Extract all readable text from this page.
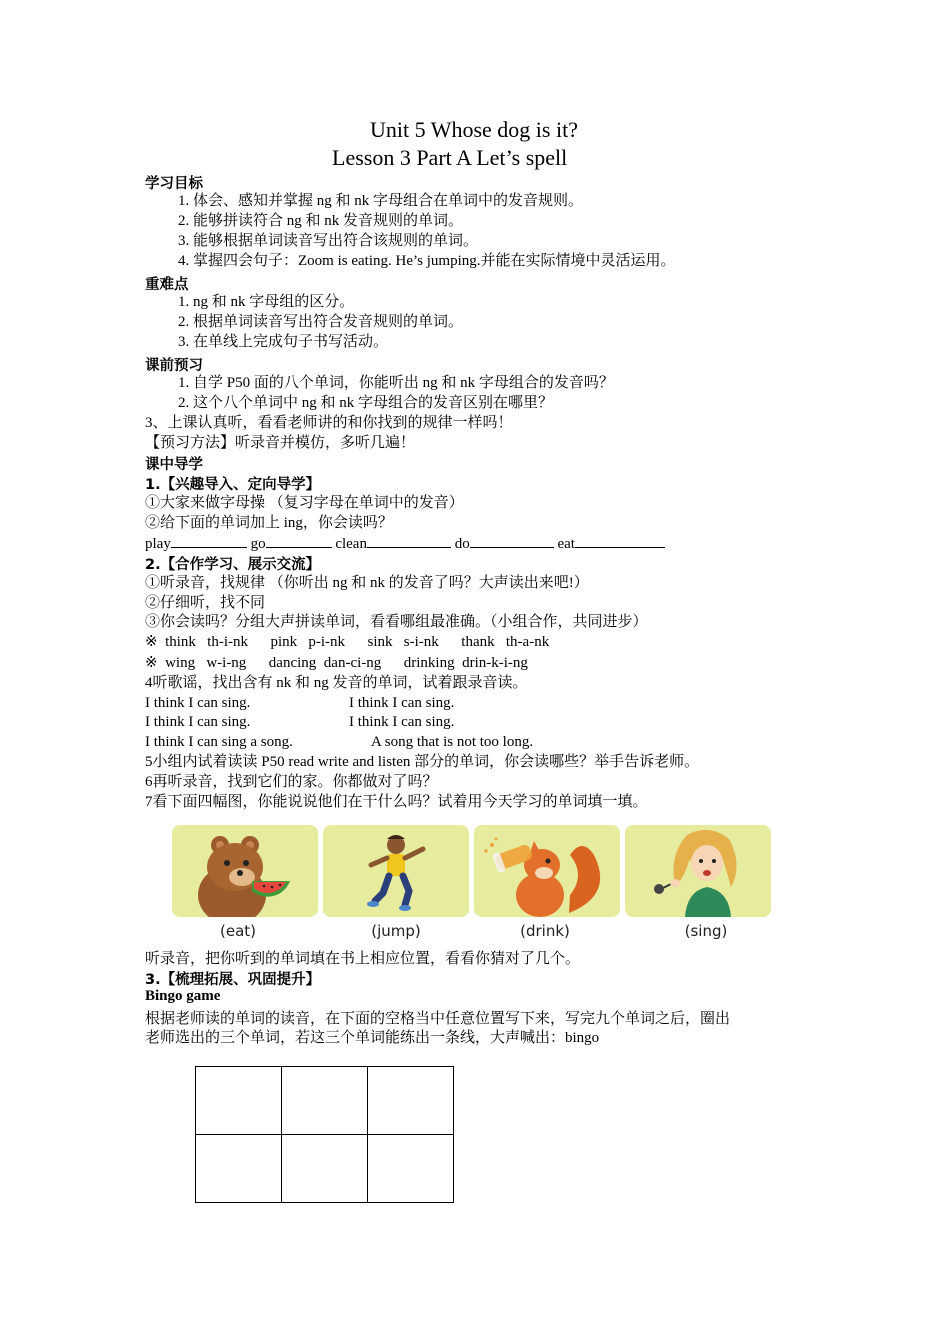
Unit 5 Whose dog is it?
Lesson 3 Part A Let’s spell
学习目标
1. 体会、感知并掌握 ng 和 nk 字母组合在单词中的发音规则。
2. 能够拼读符合 ng 和 nk 发音规则的单词。
3. 能够根据单词读音写出符合该规则的单词。
4. 掌握四会句子：Zoom is eating. He’s jumping.并能在实际情境中灵活运用。
重难点
1. ng 和 nk 字母组的区分。
2. 根据单词读音写出符合发音规则的单词。
3. 在单线上完成句子书写活动。
课前预习
1. 自学 P50 面的八个单词，你能听出 ng 和 nk 字母组合的发音吗？
2. 这个八个单词中 ng 和 nk 字母组合的发音区别在哪里？
3、上课认真听，看看老师讲的和你找到的规律一样吗！
【预习方法】听录音并模仿，多听几遍！
课中导学
1.【兴趣导入、定向导学】
①大家来做字母操 （复习字母在单词中的发音）
②给下面的单词加上 ing，你会读吗？
play	go	clean	do	eat
2.【合作学习、展示交流】
①听录音，找规律 （你听出 ng 和 nk 的发音了吗？大声读出来吧!）
②仔细听，找不同
③你会读吗？分组大声拼读单词，看看哪组最准确。（小组合作，共同进步）
※  think   th-i-nk      pink   p-i-nk      sink   s-i-nk      thank   th-a-nk
※  wing   w-i-ng      dancing  dan-ci-ng      drinking  drin-k-i-ng
4听歌谣，找出含有 nk 和 ng 发音的单词，试着跟录音读。
I think I can sing.	I think I can sing.
I think I can sing.	I think I can sing.
I think I can sing a song.	A song that is not too long.
5小组内试着读读 P50 read write and listen 部分的单词，你会读哪些？举手告诉老师。
6再听录音，找到它们的家。你都做对了吗？
7看下面四幅图，你能说说他们在干什么吗？试着用今天学习的单词填一填。
(eat)	(jump)	(drink)	(sing)
听录音，把你听到的单词填在书上相应位置，看看你猜对了几个。
3.【梳理拓展、巩固提升】
Bingo game
根据老师读的单词的读音，在下面的空格当中任意位置写下来，写完九个单词之后，圈出
老师选出的三个单词，若这三个单词能练出一条线，大声喊出：bingo
